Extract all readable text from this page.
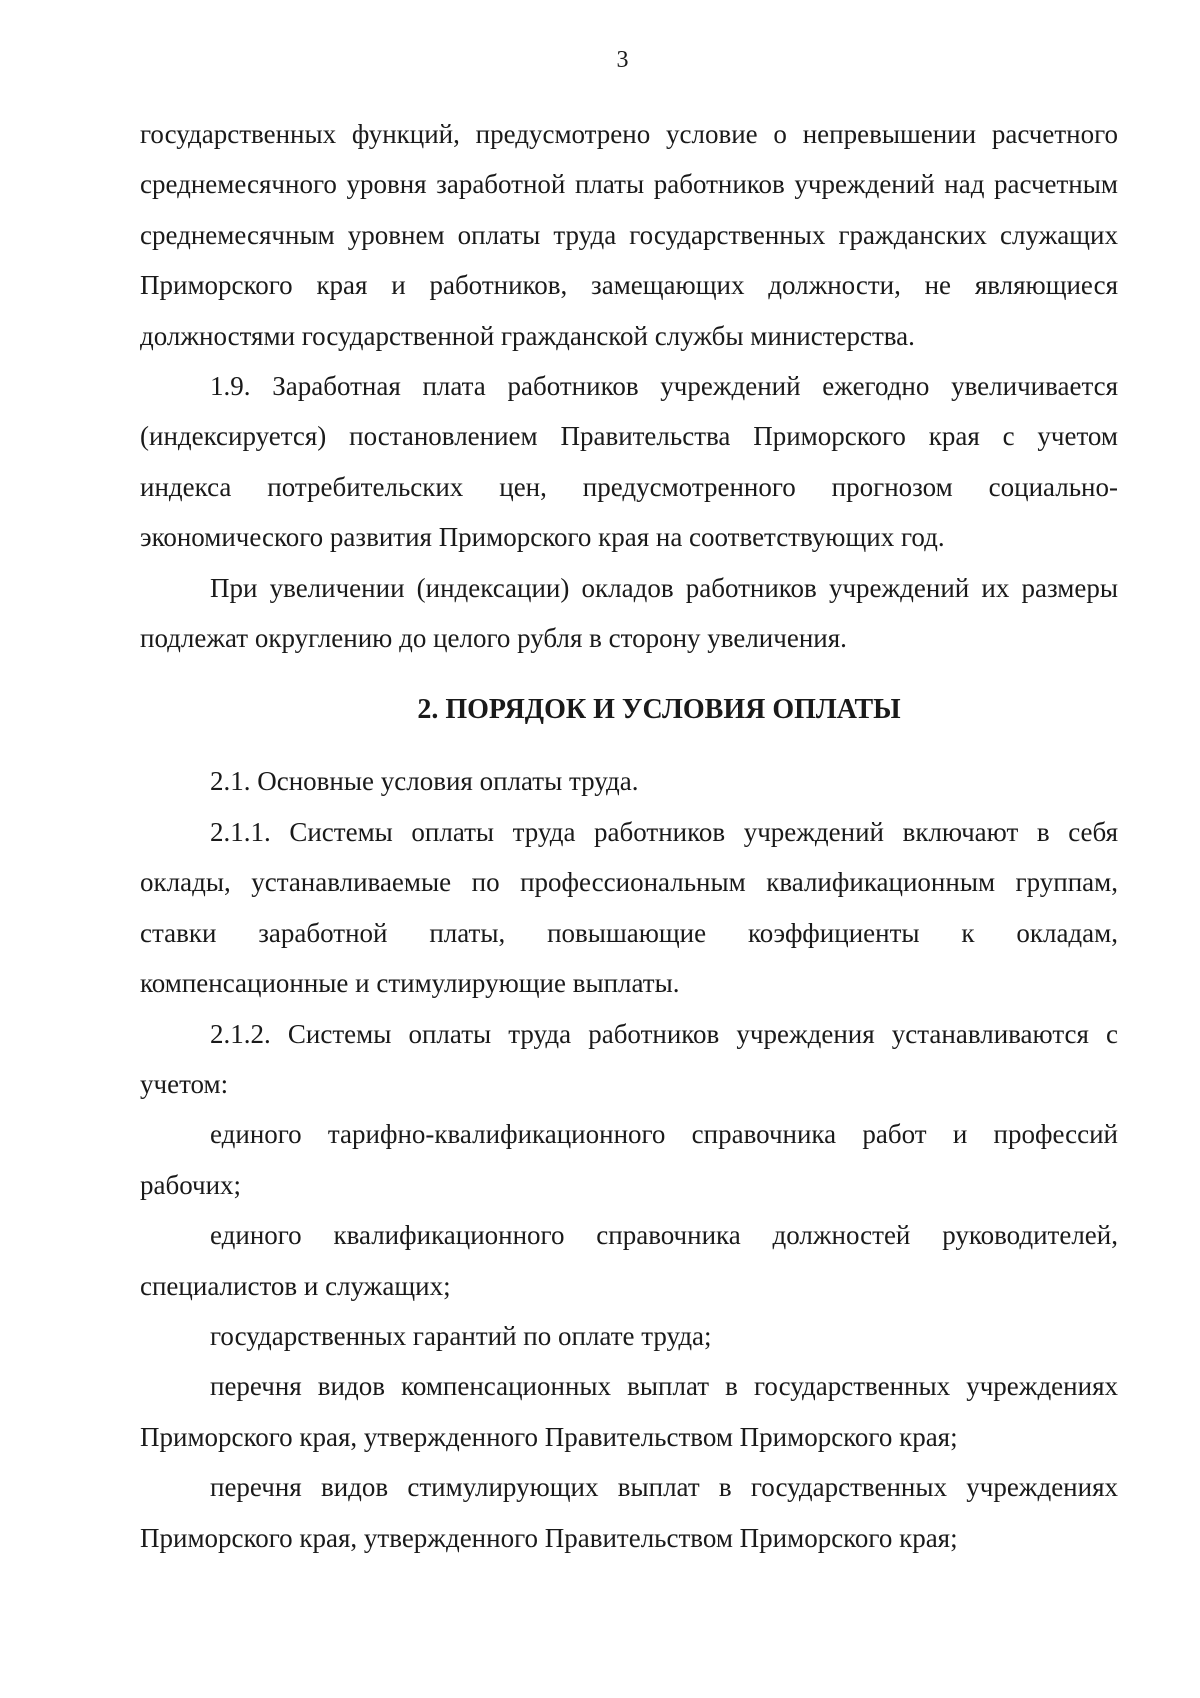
3

государственных функций, предусмотрено условие о непревышении расчетного среднемесячного уровня заработной платы работников учреждений над расчетным среднемесячным уровнем оплаты труда государственных гражданских служащих Приморского края и работников, замещающих должности, не являющиеся должностями государственной гражданской службы министерства.

1.9. Заработная плата работников учреждений ежегодно увеличивается (индексируется) постановлением Правительства Приморского края с учетом индекса потребительских цен, предусмотренного прогнозом социально-экономического развития Приморского края на соответствующих год.

При увеличении (индексации) окладов работников учреждений их размеры подлежат округлению до целого рубля в сторону увеличения.

2. ПОРЯДОК И УСЛОВИЯ ОПЛАТЫ

2.1. Основные условия оплаты труда.

2.1.1. Системы оплаты труда работников учреждений включают в себя оклады, устанавливаемые по профессиональным квалификационным группам, ставки заработной платы, повышающие коэффициенты к окладам, компенсационные и стимулирующие выплаты.

2.1.2. Системы оплаты труда работников учреждения устанавливаются с учетом:

единого тарифно-квалификационного справочника работ и профессий рабочих;

единого квалификационного справочника должностей руководителей, специалистов и служащих;

государственных гарантий по оплате труда;

перечня видов компенсационных выплат в государственных учреждениях Приморского края, утвержденного Правительством Приморского края;

перечня видов стимулирующих выплат в государственных учреждениях Приморского края, утвержденного Правительством Приморского края;
